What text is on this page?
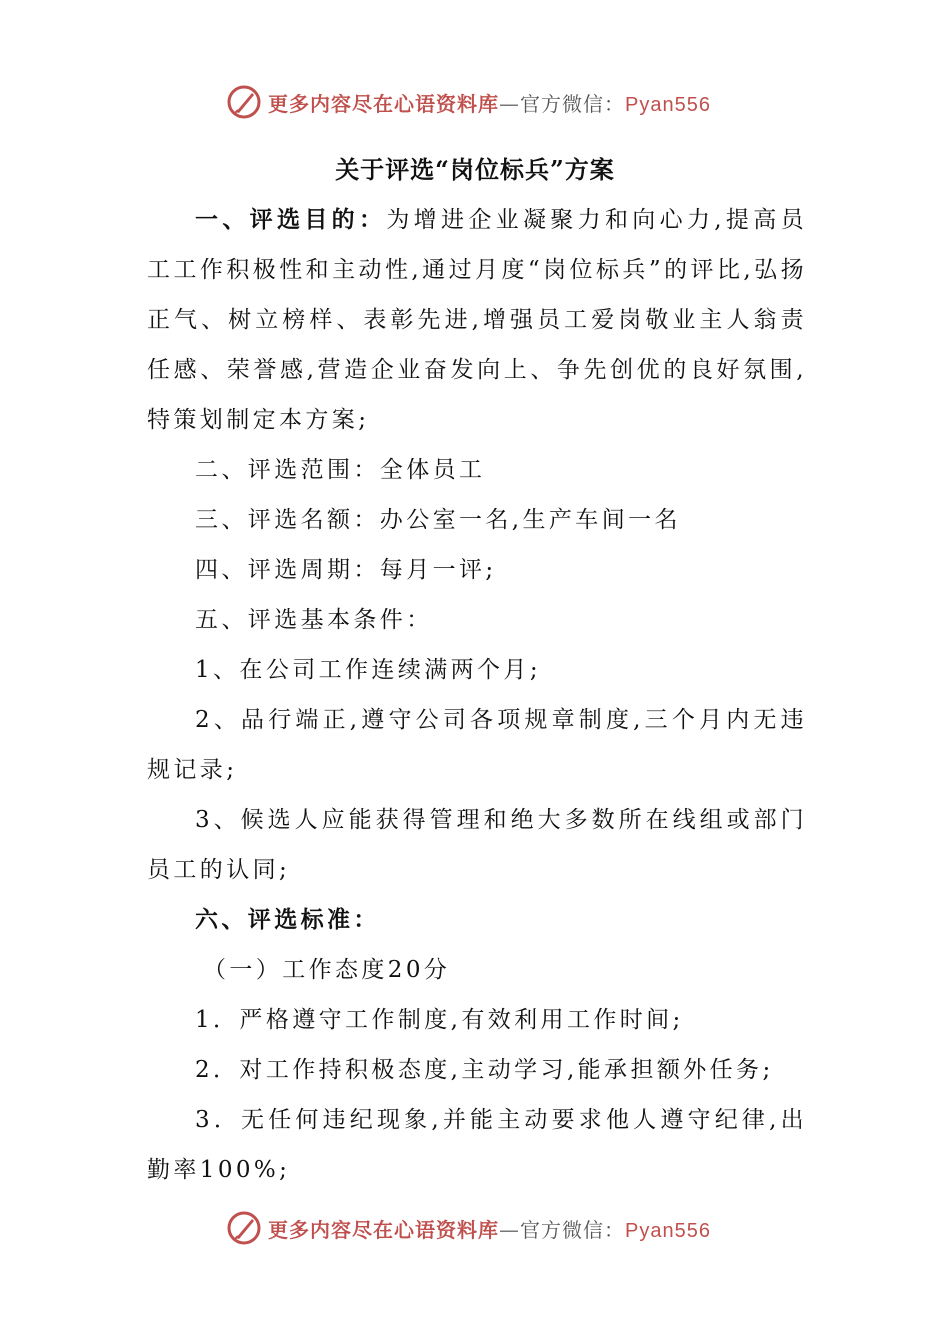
更多内容尽在心语资料库—官方微信：Pyan556
关于评选“岗位标兵”方案

一、评选目的：为增进企业凝聚力和向心力,提高员工工作积极性和主动性,通过月度“岗位标兵”的评比,弘扬正气、树立榜样、表彰先进,增强员工爱岗敬业主人翁责任感、荣誉感,营造企业奋发向上、争先创优的良好氛围,特策划制定本方案;

二、评选范围：全体员工

三、评选名额：办公室一名,生产车间一名

四、评选周期：每月一评;

五、评选基本条件：

1、在公司工作连续满两个月;

2、品行端正,遵守公司各项规章制度,三个月内无违规记录;

3、候选人应能获得管理和绝大多数所在线组或部门员工的认同;

六、评选标准：

（一）工作态度20分

1．严格遵守工作制度,有效利用工作时间;

2．对工作持积极态度,主动学习,能承担额外任务;

3．无任何违纪现象,并能主动要求他人遵守纪律,出勤率100%;

更多内容尽在心语资料库—官方微信：Pyan556
